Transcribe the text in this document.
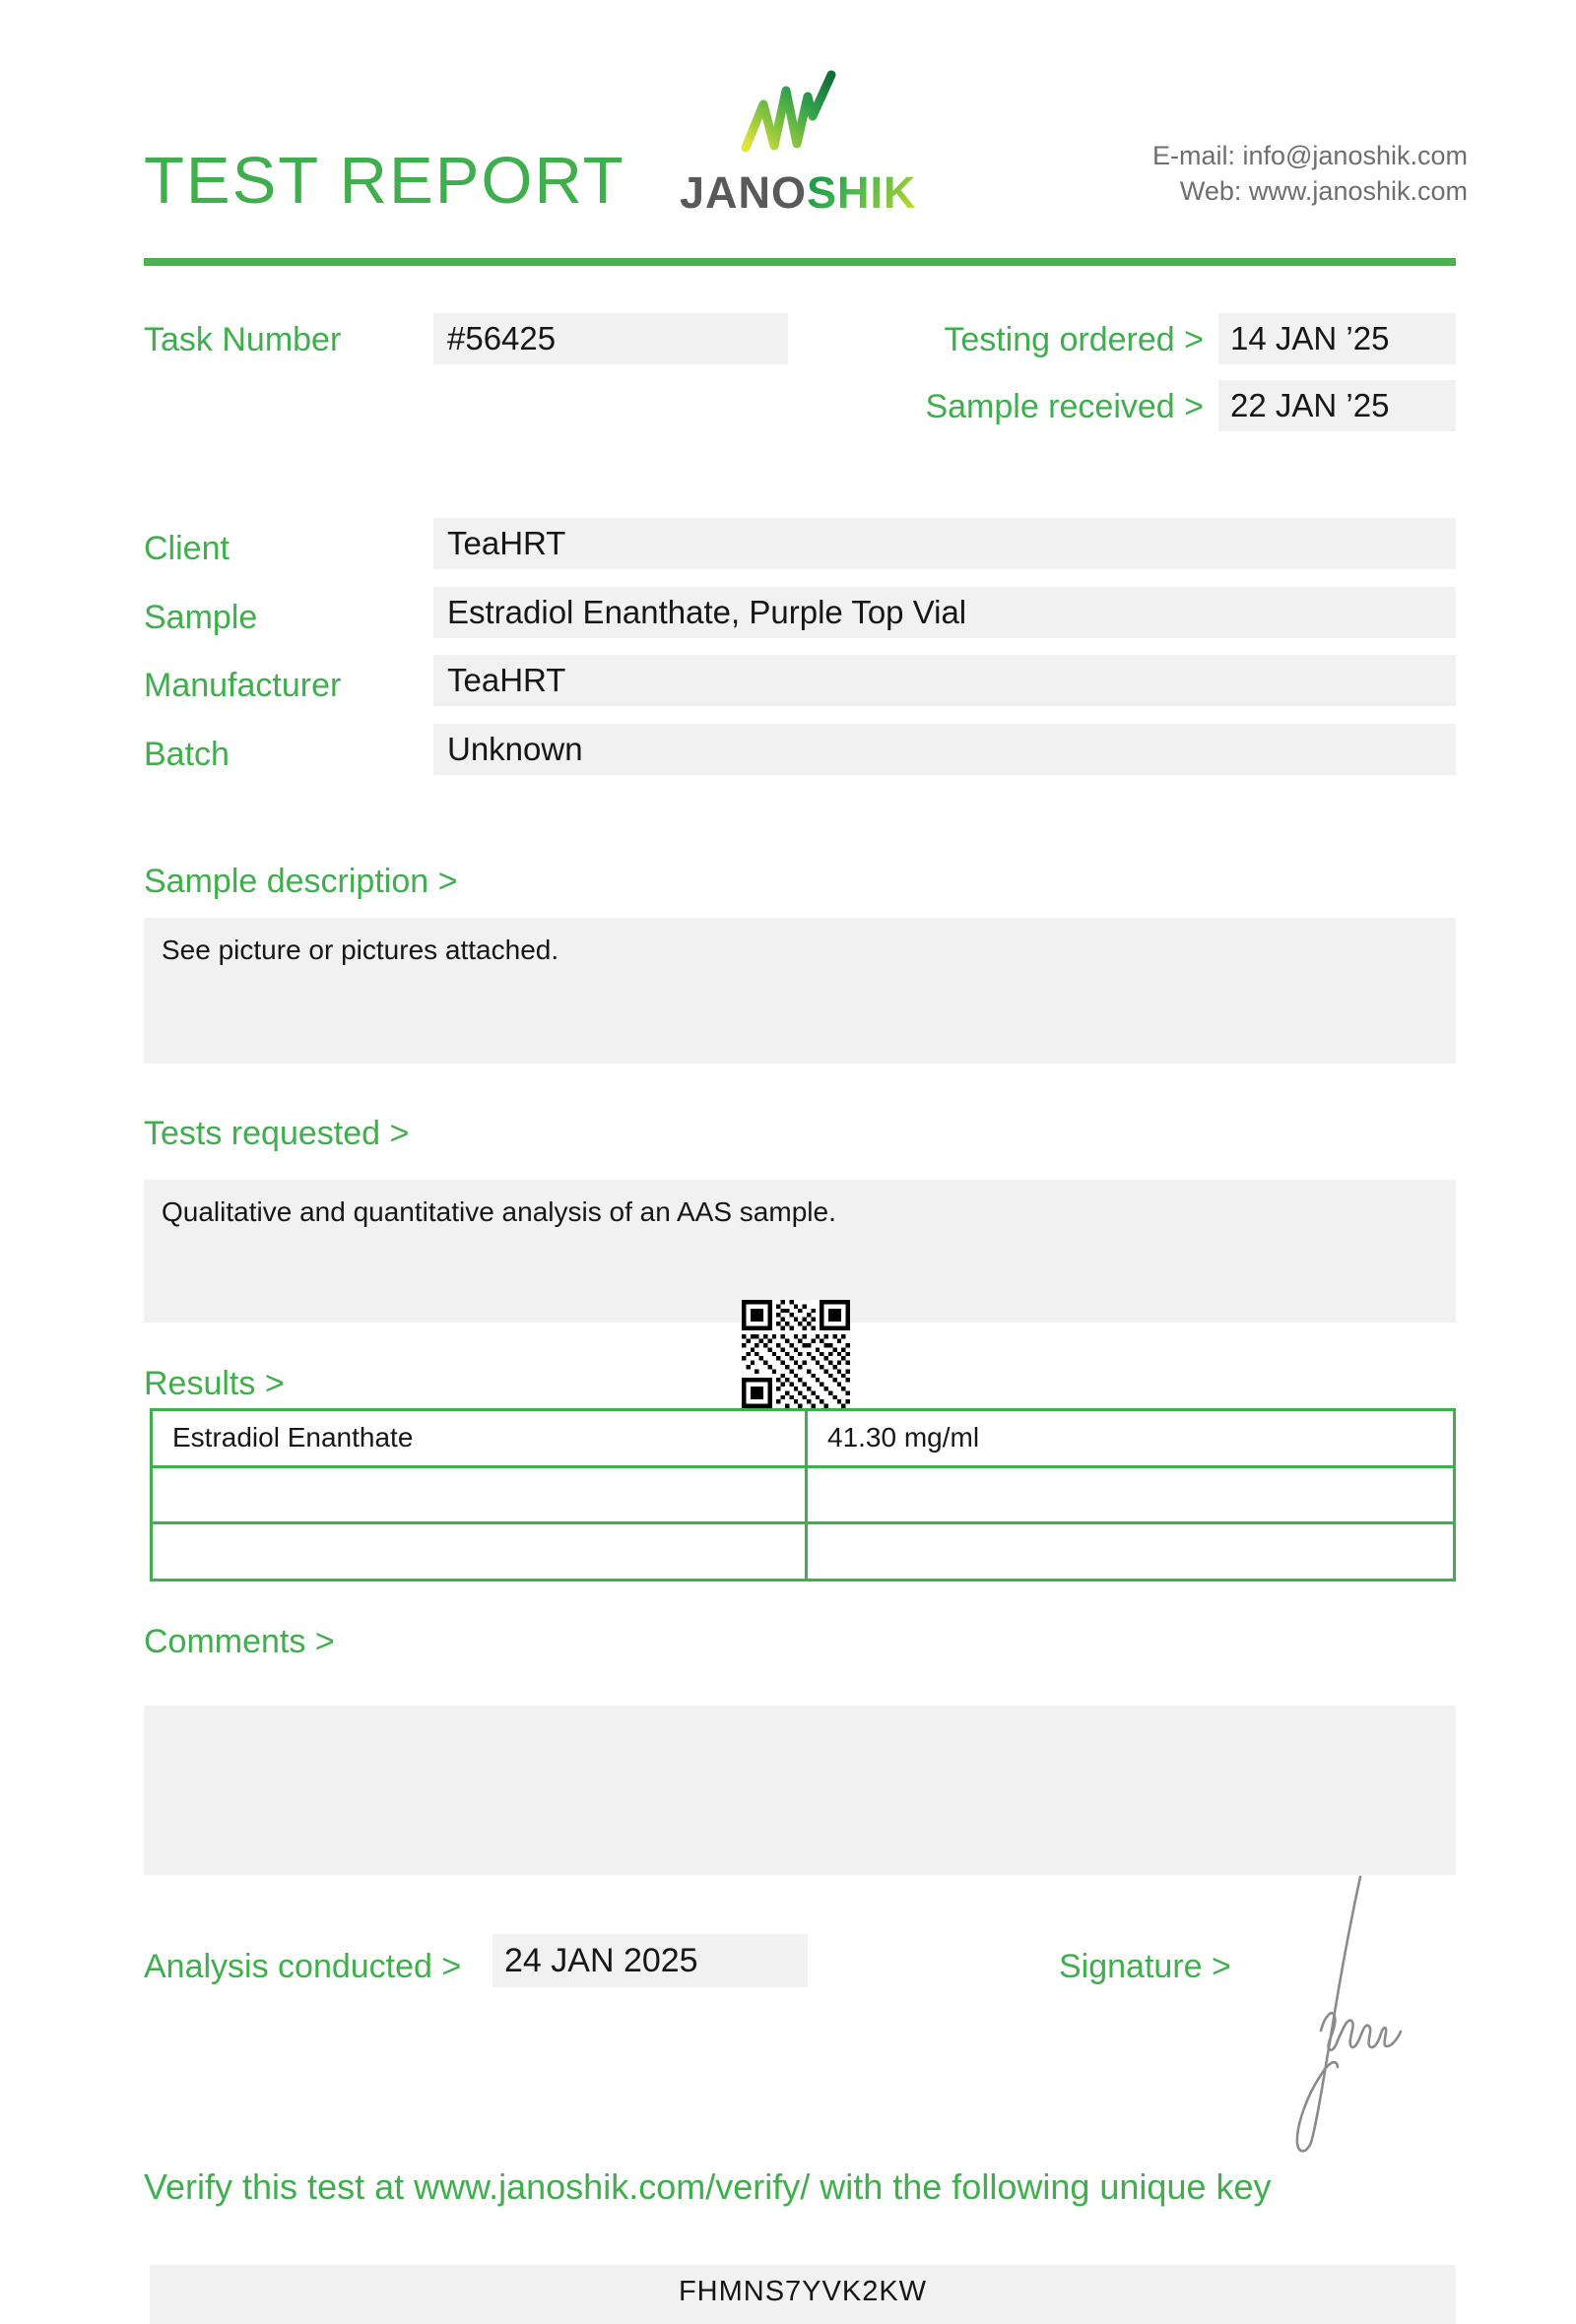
TEST REPORT JANOSHIK
E-mail: info@janoshik.com
Web: www.janoshik.com
Task Number	#56425	Testing ordered > 14 JAN ’25
Sample received > 22 JAN ’25
Client	TeaHRT
Sample	Estradiol Enanthate, Purple Top Vial
Manufacturer	TeaHRT
Batch	Unknown
Sample description >
See picture or pictures attached.
Tests requested >
Qualitative and quantitative analysis of an AAS sample.
Results >
Estradiol Enanthate	41.30 mg/ml

Comments >
Analysis conducted >	24 JAN 2025	Signature >
Verify this test at www.janoshik.com/verify/ with the following unique key
FHMNS7YVK2KW
